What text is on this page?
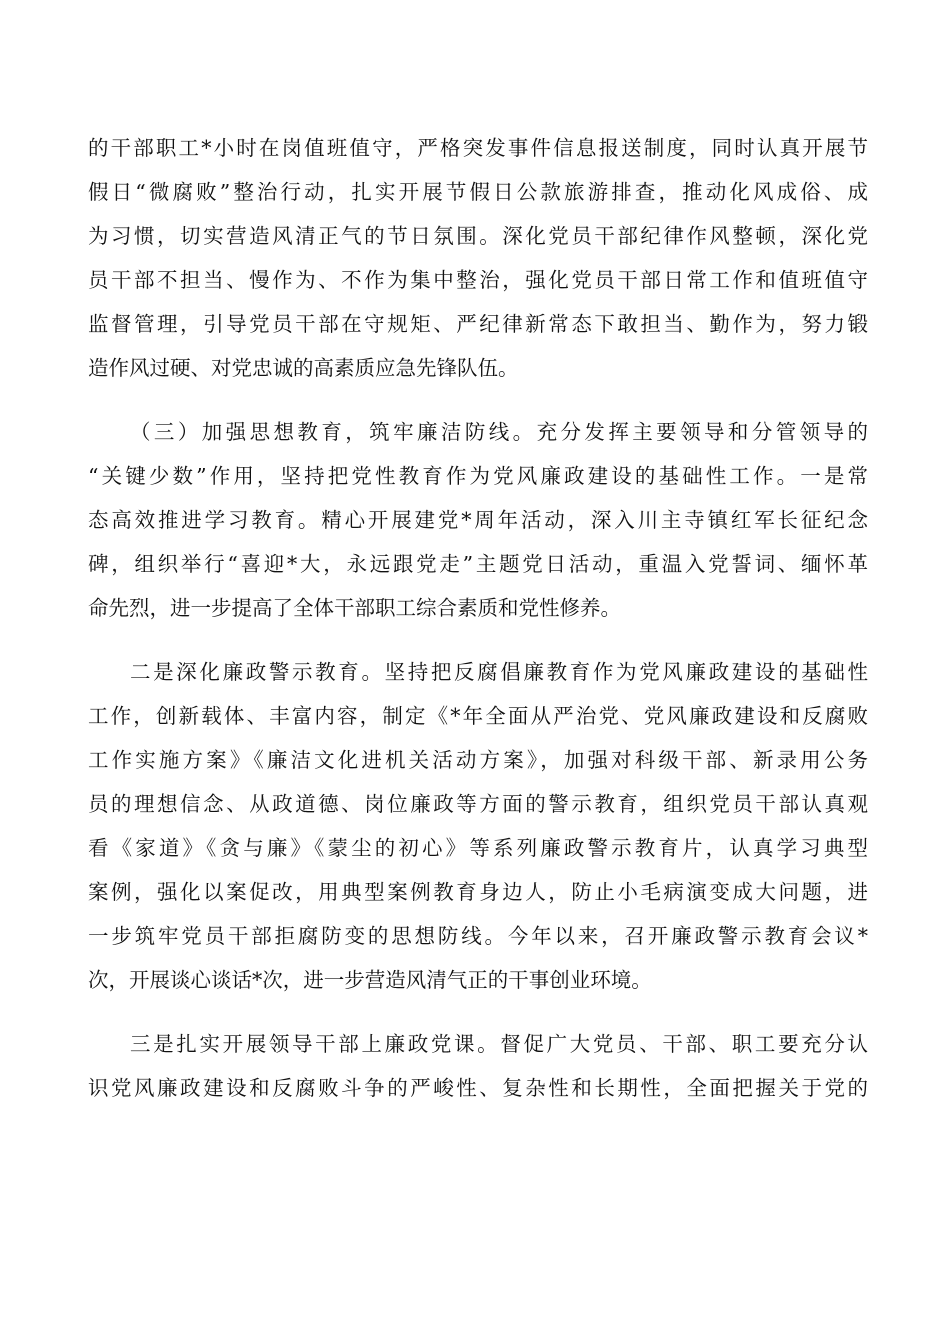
的干部职工*小时在岗值班值守，严格突发事件信息报送制度，同时认真开展节
假日“微腐败”整治行动，扎实开展节假日公款旅游排查，推动化风成俗、成
为习惯，切实营造风清正气的节日氛围。深化党员干部纪律作风整顿，深化党
员干部不担当、慢作为、不作为集中整治，强化党员干部日常工作和值班值守
监督管理，引导党员干部在守规矩、严纪律新常态下敢担当、勤作为，努力锻
造作风过硬、对党忠诚的高素质应急先锋队伍。
（三）加强思想教育，筑牢廉洁防线。充分发挥主要领导和分管领导的
“关键少数”作用，坚持把党性教育作为党风廉政建设的基础性工作。一是常
态高效推进学习教育。精心开展建党*周年活动，深入川主寺镇红军长征纪念
碑，组织举行“喜迎*大，永远跟党走”主题党日活动，重温入党誓词、缅怀革
命先烈，进一步提高了全体干部职工综合素质和党性修养。
二是深化廉政警示教育。坚持把反腐倡廉教育作为党风廉政建设的基础性
工作，创新载体、丰富内容，制定《*年全面从严治党、党风廉政建设和反腐败
工作实施方案》《廉洁文化进机关活动方案》，加强对科级干部、新录用公务
员的理想信念、从政道德、岗位廉政等方面的警示教育，组织党员干部认真观
看《家道》《贪与廉》《蒙尘的初心》等系列廉政警示教育片，认真学习典型
案例，强化以案促改，用典型案例教育身边人，防止小毛病演变成大问题，进
一步筑牢党员干部拒腐防变的思想防线。今年以来，召开廉政警示教育会议*
次，开展谈心谈话*次，进一步营造风清气正的干事创业环境。
三是扎实开展领导干部上廉政党课。督促广大党员、干部、职工要充分认
识党风廉政建设和反腐败斗争的严峻性、复杂性和长期性，全面把握关于党的
